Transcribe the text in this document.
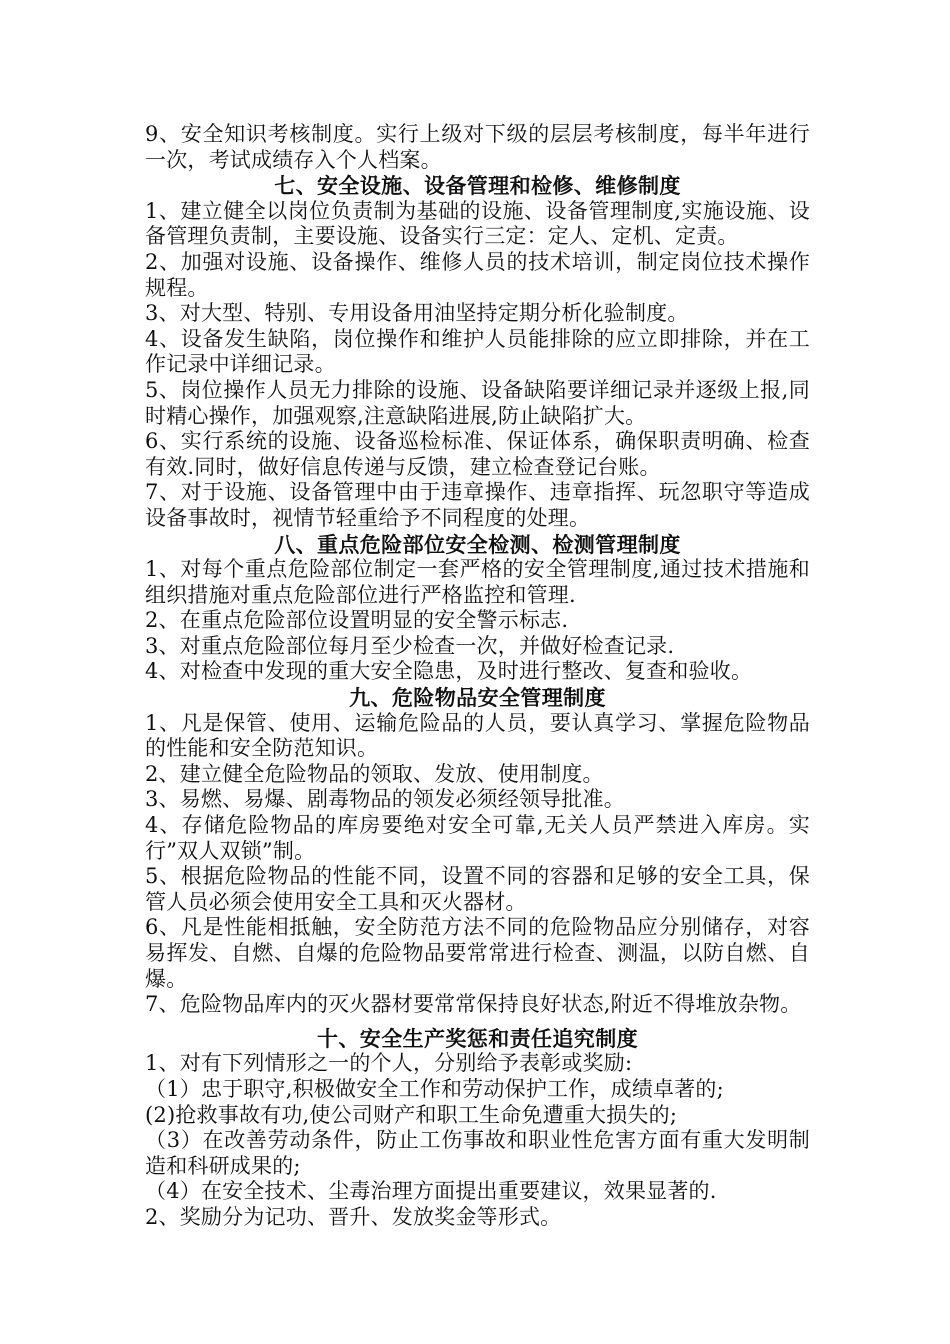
9、安全知识考核制度。实行上级对下级的层层考核制度，每半年进行一次，考试成绩存入个人档案。

七、安全设施、设备管理和检修、维修制度

1、建立健全以岗位负责制为基础的设施、设备管理制度,实施设施、设备管理负责制，主要设施、设备实行三定：定人、定机、定责。

2、加强对设施、设备操作、维修人员的技术培训，制定岗位技术操作规程。

3、对大型、特别、专用设备用油坚持定期分析化验制度。

4、设备发生缺陷，岗位操作和维护人员能排除的应立即排除，并在工作记录中详细记录。

5、岗位操作人员无力排除的设施、设备缺陷要详细记录并逐级上报,同时精心操作，加强观察,注意缺陷进展,防止缺陷扩大。

6、实行系统的设施、设备巡检标准、保证体系，确保职责明确、检查有效.同时，做好信息传递与反馈，建立检查登记台账。

7、对于设施、设备管理中由于违章操作、违章指挥、玩忽职守等造成设备事故时，视情节轻重给予不同程度的处理。

八、重点危险部位安全检测、检测管理制度

1、对每个重点危险部位制定一套严格的安全管理制度,通过技术措施和组织措施对重点危险部位进行严格监控和管理.

2、在重点危险部位设置明显的安全警示标志.

3、对重点危险部位每月至少检查一次，并做好检查记录.

4、对检查中发现的重大安全隐患，及时进行整改、复查和验收。

九、危险物品安全管理制度

1、凡是保管、使用、运输危险品的人员，要认真学习、掌握危险物品的性能和安全防范知识。

2、建立健全危险物品的领取、发放、使用制度。

3、易燃、易爆、剧毒物品的领发必须经领导批准。

4、存储危险物品的库房要绝对安全可靠,无关人员严禁进入库房。实行”双人双锁”制。

5、根据危险物品的性能不同，设置不同的容器和足够的安全工具，保管人员必须会使用安全工具和灭火器材。

6、凡是性能相抵触，安全防范方法不同的危险物品应分别储存，对容易挥发、自燃、自爆的危险物品要常常进行检查、测温，以防自燃、自爆。

7、危险物品库内的灭火器材要常常保持良好状态,附近不得堆放杂物。

十、安全生产奖惩和责任追究制度

1、对有下列情形之一的个人，分别给予表彰或奖励:

（1）忠于职守,积极做安全工作和劳动保护工作，成绩卓著的;

(2)抢救事故有功,使公司财产和职工生命免遭重大损失的;

（3）在改善劳动条件，防止工伤事故和职业性危害方面有重大发明制造和科研成果的;

（4）在安全技术、尘毒治理方面提出重要建议，效果显著的.

2、奖励分为记功、晋升、发放奖金等形式。
